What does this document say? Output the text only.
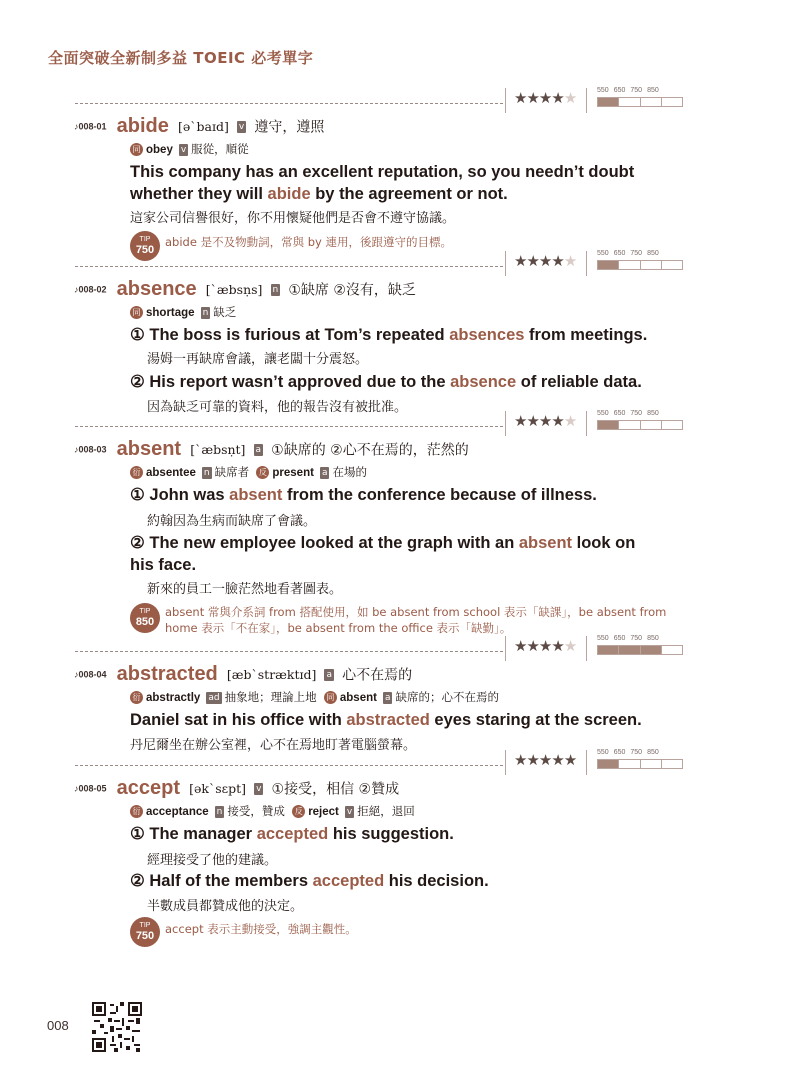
全面突破全新制多益 TOEIC 必考單字
★★★★★	550 650 750 850
♪008-01 abide [əˋbaɪd] v 遵守，遵照
同 obey v 服從，順從
This company has an excellent reputation, so you needn’t doubt whether they will abide by the agreement or not.
這家公司信譽很好，你不用懷疑他們是否會不遵守協議。
TIP
750
abide 是不及物動詞，常與 by 連用，後跟遵守的目標。
★★★★★	550 650 750 850
♪008-02 absence [ˋæbsṇs] n ①缺席 ②沒有，缺乏
同 shortage n 缺乏
① The boss is furious at Tom’s repeated absences from meetings.
湯姆一再缺席會議，讓老闆十分震怒。
② His report wasn’t approved due to the absence of reliable data.
因為缺乏可靠的資料，他的報告沒有被批准。
★★★★★	550 650 750 850
♪008-03 absent [ˋæbsṇt] a ①缺席的 ②心不在焉的，茫然的
衍 absentee n 缺席者 反 present a 在場的
① John was absent from the conference because of illness.
約翰因為生病而缺席了會議。
② The new employee looked at the graph with an absent look on his face.
新來的員工一臉茫然地看著圖表。
TIP
850
absent 常與介系詞 from 搭配使用，如 be absent from school 表示「缺課」，be absent from home 表示「不在家」，be absent from the office 表示「缺勤」。
★★★★★	550 650 750 850
♪008-04 abstracted [æbˋstræktɪd] a 心不在焉的
衍 abstractly ad 抽象地；理論上地 同 absent a 缺席的；心不在焉的
Daniel sat in his office with abstracted eyes staring at the screen.
丹尼爾坐在辦公室裡，心不在焉地盯著電腦螢幕。
★★★★★	550 650 750 850
♪008-05 accept [əkˋsɛpt] v ①接受，相信 ②贊成
衍 acceptance n 接受，贊成 反 reject v 拒絕，退回
① The manager accepted his suggestion.
經理接受了他的建議。
② Half of the members accepted his decision.
半數成員都贊成他的決定。
TIP
750 accept 表示主動接受，強調主觀性。
008
